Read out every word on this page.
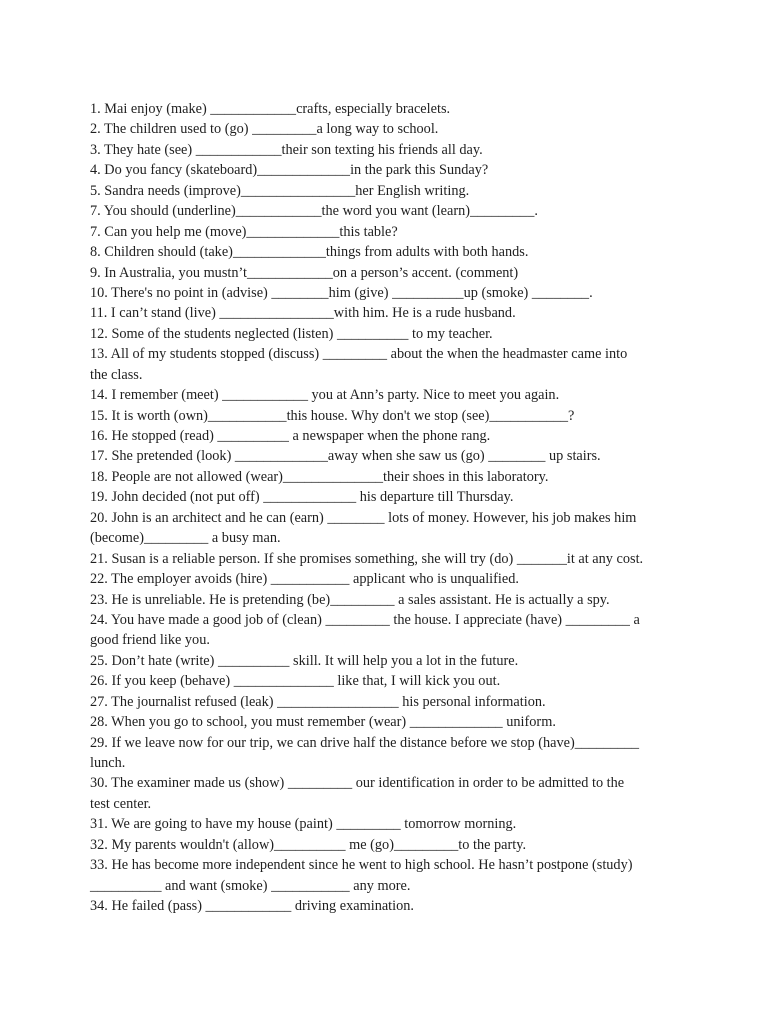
1. Mai enjoy (make) ____________crafts, especially bracelets.
2. The children used to (go) _________a long way to school.
3. They hate (see) ____________their son texting his friends all day.
4. Do you fancy (skateboard)_____________in the park this Sunday?
5. Sandra needs (improve)________________her English writing.
7. You should (underline)____________the word you want (learn)_________.
7. Can you help me (move)_____________this table?
8. Children should (take)_____________things from adults with both hands.
9. In Australia, you mustn’t____________on a person’s accent. (comment)
10. There's no point in (advise) ________him (give) __________up (smoke) ________.
11. I can’t stand (live) ________________with him. He is a rude husband.
12. Some of the students neglected (listen) __________ to my teacher.
13. All of my students stopped (discuss) _________ about the when the headmaster came into
the class.
14. I remember (meet) ____________ you at Ann’s party. Nice to meet you again.
15. It is worth (own)___________this house. Why don't we stop (see)___________?
16. He stopped (read) __________ a newspaper when the phone rang.
17. She pretended (look) _____________away when she saw us (go) ________ up stairs.
18. People are not allowed (wear)______________their shoes in this laboratory.
19. John decided (not put off) _____________ his departure till Thursday.
20. John is an architect and he can (earn) ________ lots of money. However, his job makes him
(become)_________ a busy man.
21. Susan is a reliable person. If she promises something, she will try (do) _______it at any cost.
22. The employer avoids (hire) ___________ applicant who is unqualified.
23. He is unreliable. He is pretending (be)_________ a sales assistant. He is actually a spy.
24. You have made a good job of (clean) _________ the house. I appreciate (have) _________ a
good friend like you.
25. Don’t hate (write) __________ skill. It will help you a lot in the future.
26. If you keep (behave) ______________ like that, I will kick you out.
27. The journalist refused (leak) _________________ his personal information.
28. When you go to school, you must remember (wear) _____________ uniform.
29. If we leave now for our trip, we can drive half the distance before we stop (have)_________
lunch.
30. The examiner made us (show) _________ our identification in order to be admitted to the
test center.
31. We are going to have my house (paint) _________ tomorrow morning.
32. My parents wouldn't (allow)__________ me (go)_________to the party.
33. He has become more independent since he went to high school. He hasn’t postpone (study)
__________ and want (smoke) ___________ any more.
34. He failed (pass) ____________ driving examination.
